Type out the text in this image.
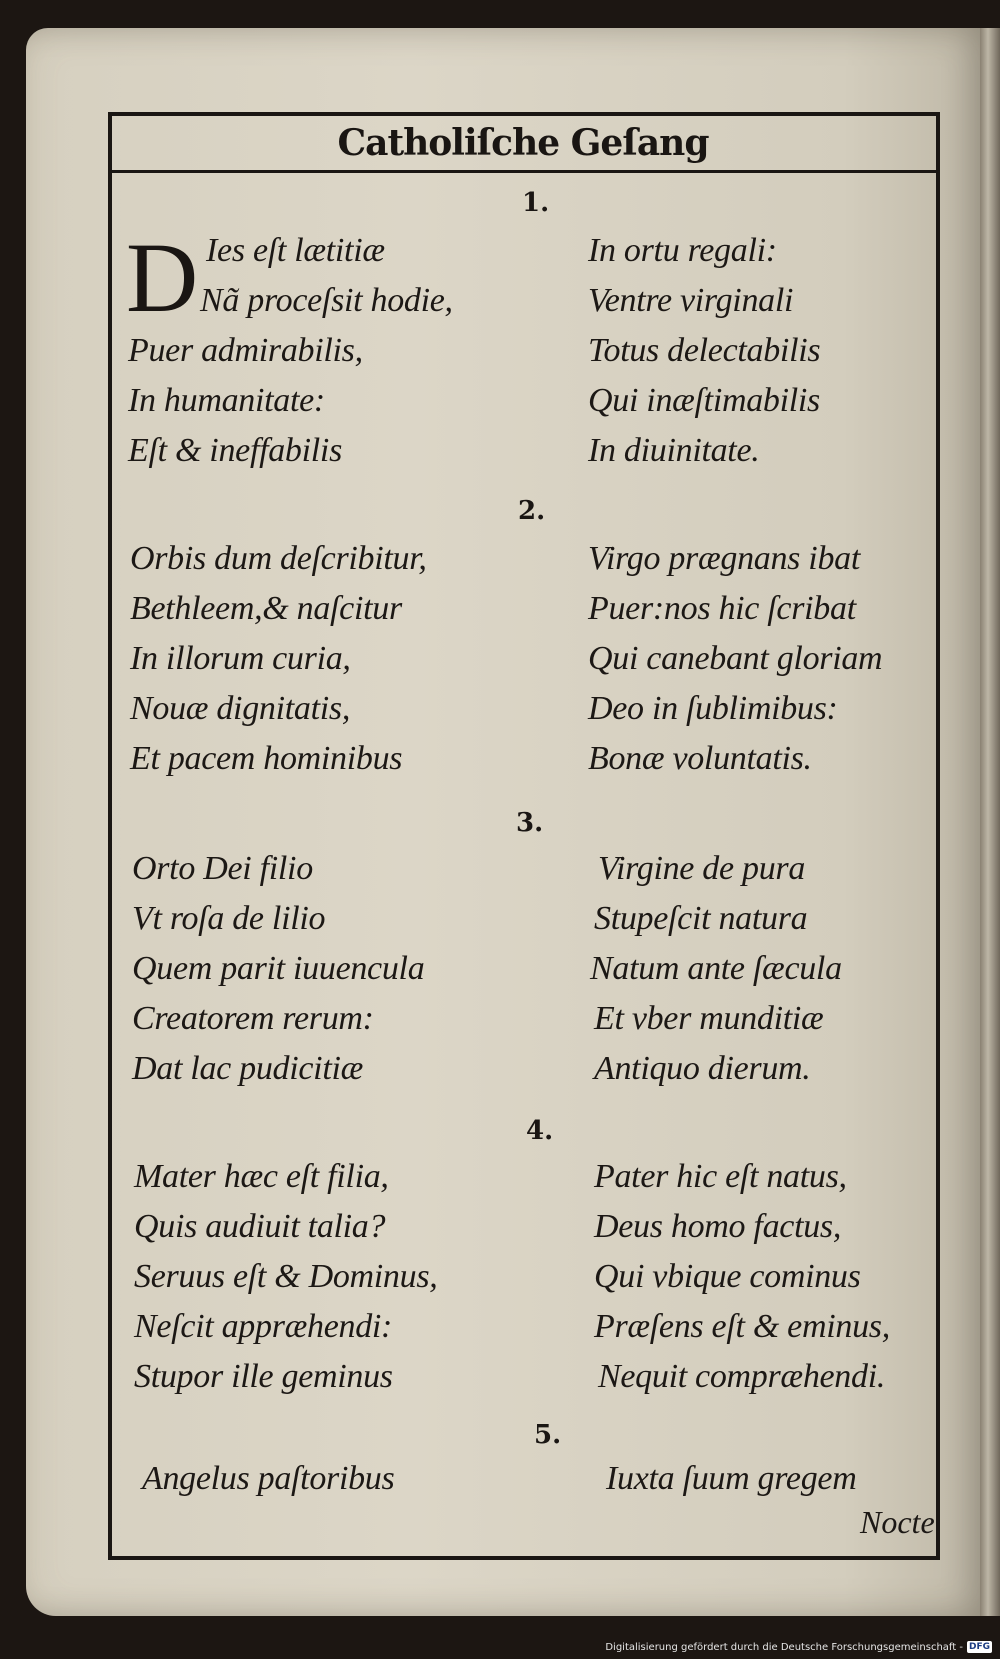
Catholiſche Geſang
1.
D Ies eſt lætitiæ
Nã proceſsit hodie,
Puer admirabilis,
In humanitate:
Eſt & ineffabilis
In ortu regali:
Ventre virginali
Totus delectabilis
Qui inæſtimabilis
In diuinitate.
2.
Orbis dum deſcribitur,
Bethleem,& naſcitur
In illorum curia,
Nouæ dignitatis,
Et pacem hominibus
Virgo prægnans ibat
Puer:nos hic ſcribat
Qui canebant gloriam
Deo in ſublimibus:
Bonæ voluntatis.
3.
Orto Dei filio
Vt roſa de lilio
Quem parit iuuencula
Creatorem rerum:
Dat lac pudicitiæ
Virgine de pura
Stupeſcit natura
Natum ante ſæcula
Et vber munditiæ
Antiquo dierum.
4.
Mater hæc eſt filia,
Quis audiuit talia?
Seruus eſt & Dominus,
Neſcit appræhendi:
Stupor ille geminus
Pater hic eſt natus,
Deus homo factus,
Qui vbique cominus
Præſens eſt & eminus,
Nequit compræhendi.
5.
Angelus paſtoribus	Iuxta ſuum gregem
Nocte
Digitalisierung gefördert durch die Deutsche Forschungsgemeinschaft - DFG
